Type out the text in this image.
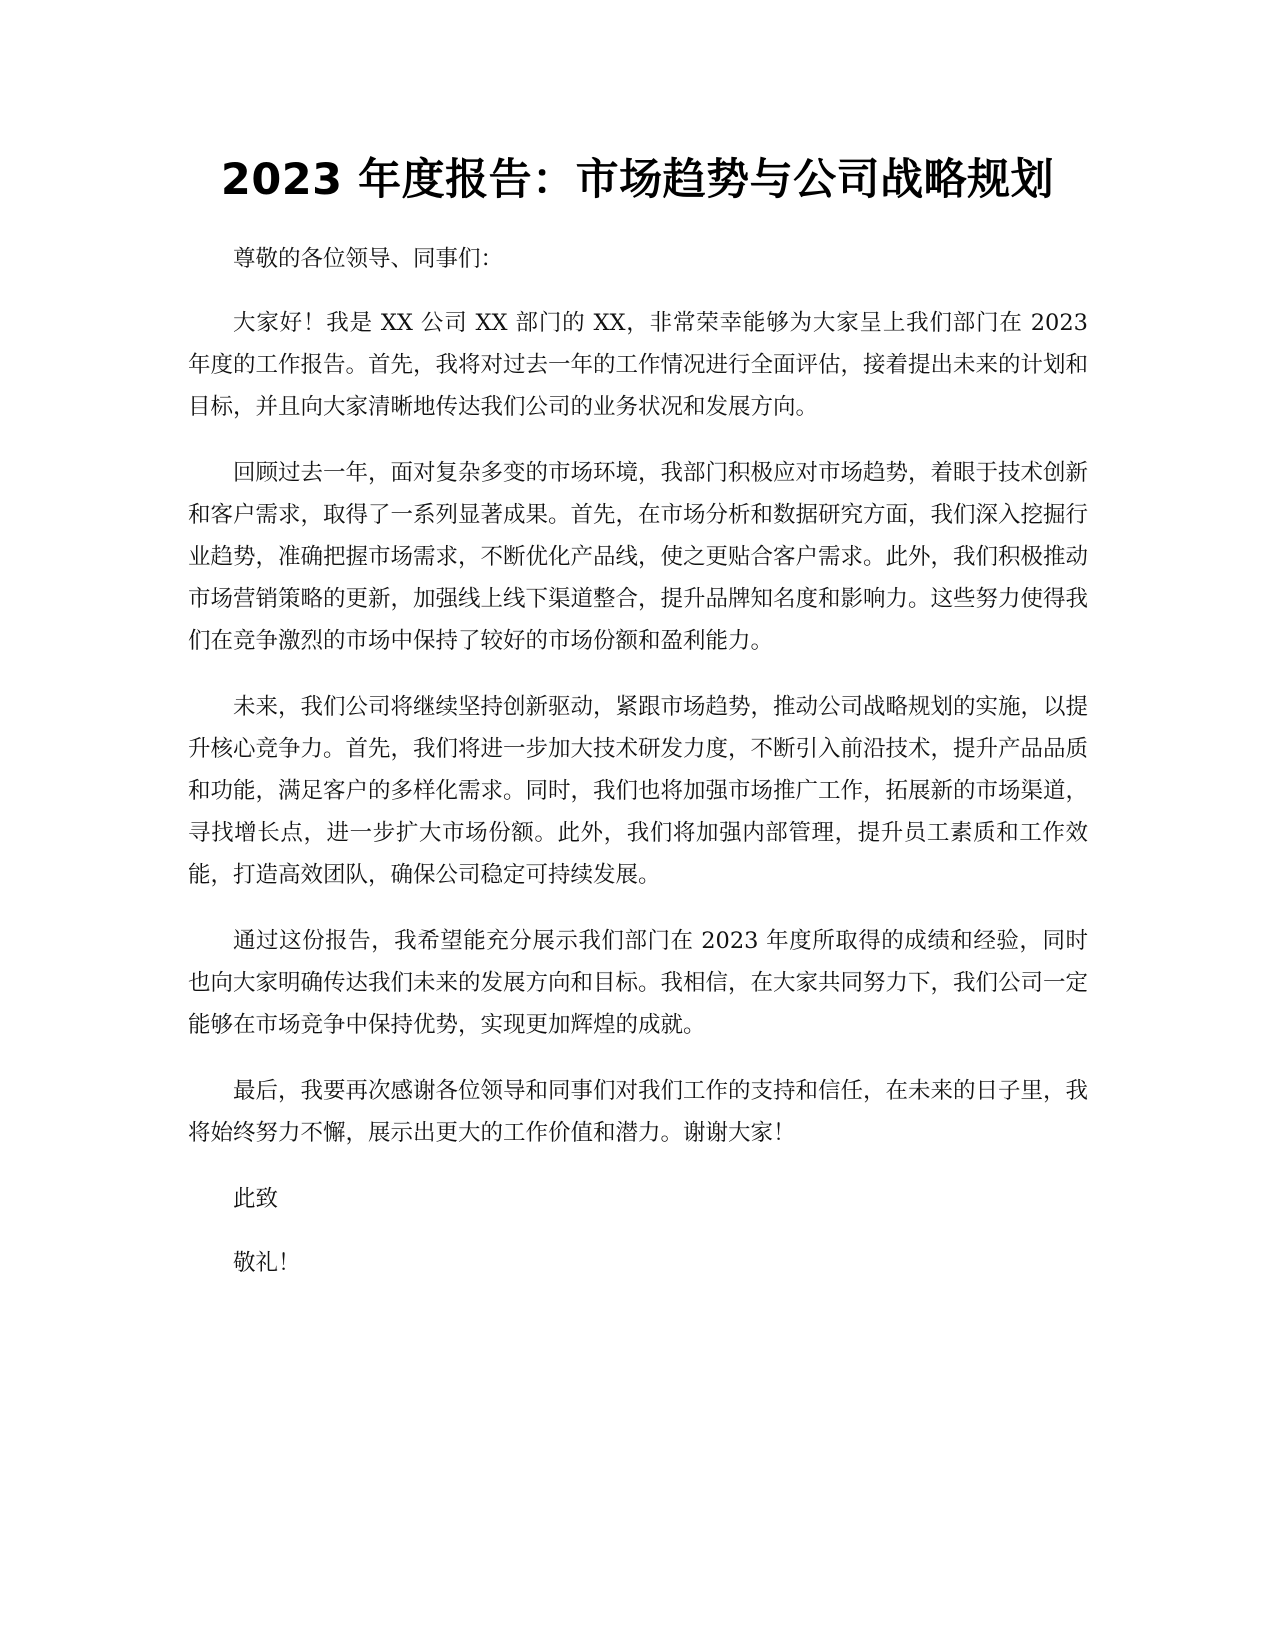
2023 年度报告：市场趋势与公司战略规划

尊敬的各位领导、同事们：

大家好！我是 XX 公司 XX 部门的 XX，非常荣幸能够为大家呈上我们部门在 2023 年度的工作报告。首先，我将对过去一年的工作情况进行全面评估，接着提出未来的计划和目标，并且向大家清晰地传达我们公司的业务状况和发展方向。

回顾过去一年，面对复杂多变的市场环境，我部门积极应对市场趋势，着眼于技术创新和客户需求，取得了一系列显著成果。首先，在市场分析和数据研究方面，我们深入挖掘行业趋势，准确把握市场需求，不断优化产品线，使之更贴合客户需求。此外，我们积极推动市场营销策略的更新，加强线上线下渠道整合，提升品牌知名度和影响力。这些努力使得我们在竞争激烈的市场中保持了较好的市场份额和盈利能力。

未来，我们公司将继续坚持创新驱动，紧跟市场趋势，推动公司战略规划的实施，以提升核心竞争力。首先，我们将进一步加大技术研发力度，不断引入前沿技术，提升产品品质和功能，满足客户的多样化需求。同时，我们也将加强市场推广工作，拓展新的市场渠道，寻找增长点，进一步扩大市场份额。此外，我们将加强内部管理，提升员工素质和工作效能，打造高效团队，确保公司稳定可持续发展。

通过这份报告，我希望能充分展示我们部门在 2023 年度所取得的成绩和经验，同时也向大家明确传达我们未来的发展方向和目标。我相信，在大家共同努力下，我们公司一定能够在市场竞争中保持优势，实现更加辉煌的成就。

最后，我要再次感谢各位领导和同事们对我们工作的支持和信任，在未来的日子里，我将始终努力不懈，展示出更大的工作价值和潜力。谢谢大家！

此致

敬礼！
